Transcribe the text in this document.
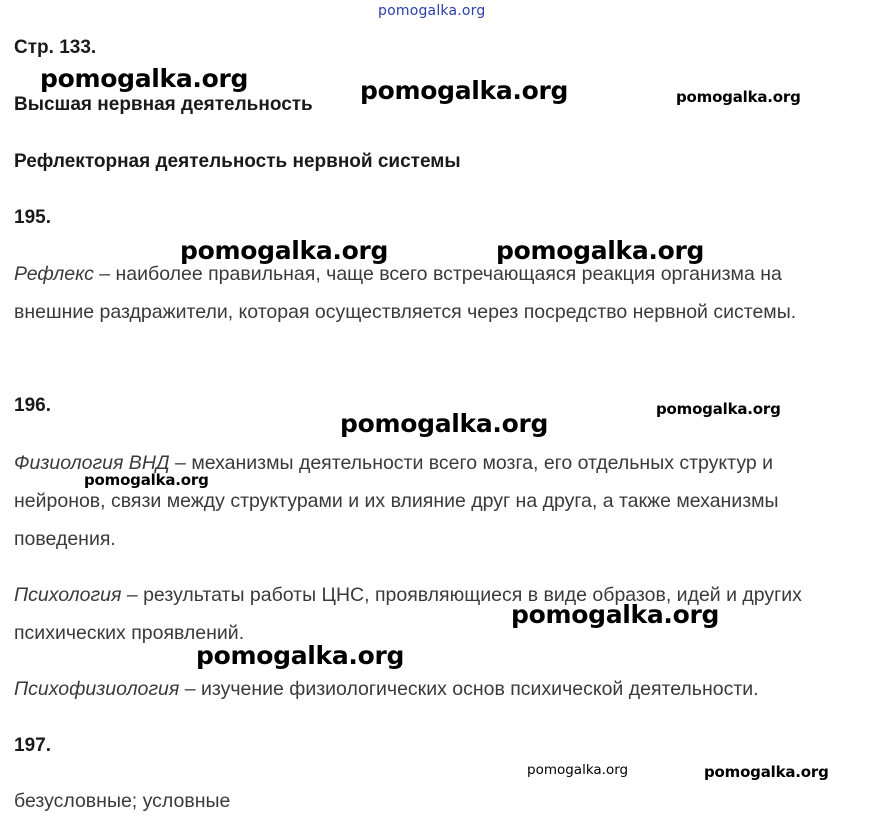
pomogalka.org
Стр. 133.
Высшая нервная деятельность
Рефлекторная деятельность нервной системы
195.
Рефлекс – наиболее правильная, чаще всего встречающаяся реакция организма на внешние раздражители, которая осуществляется через посредство нервной системы.
196.
Физиология ВНД – механизмы деятельности всего мозга, его отдельных структур и нейронов, связи между структурами и их влияние друг на друга, а также механизмы поведения.
Психология – результаты работы ЦНС, проявляющиеся в виде образов, идей и других психических проявлений.
Психофизиология – изучение физиологических основ психической деятельности.
197.
безусловные; условные
pomogalka.org	pomogalka.org	pomogalka.org
pomogalka.org	pomogalka.org
pomogalka.org
pomogalka.org
pomogalka.org
pomogalka.org
pomogalka.org
pomogalka.org	pomogalka.org
